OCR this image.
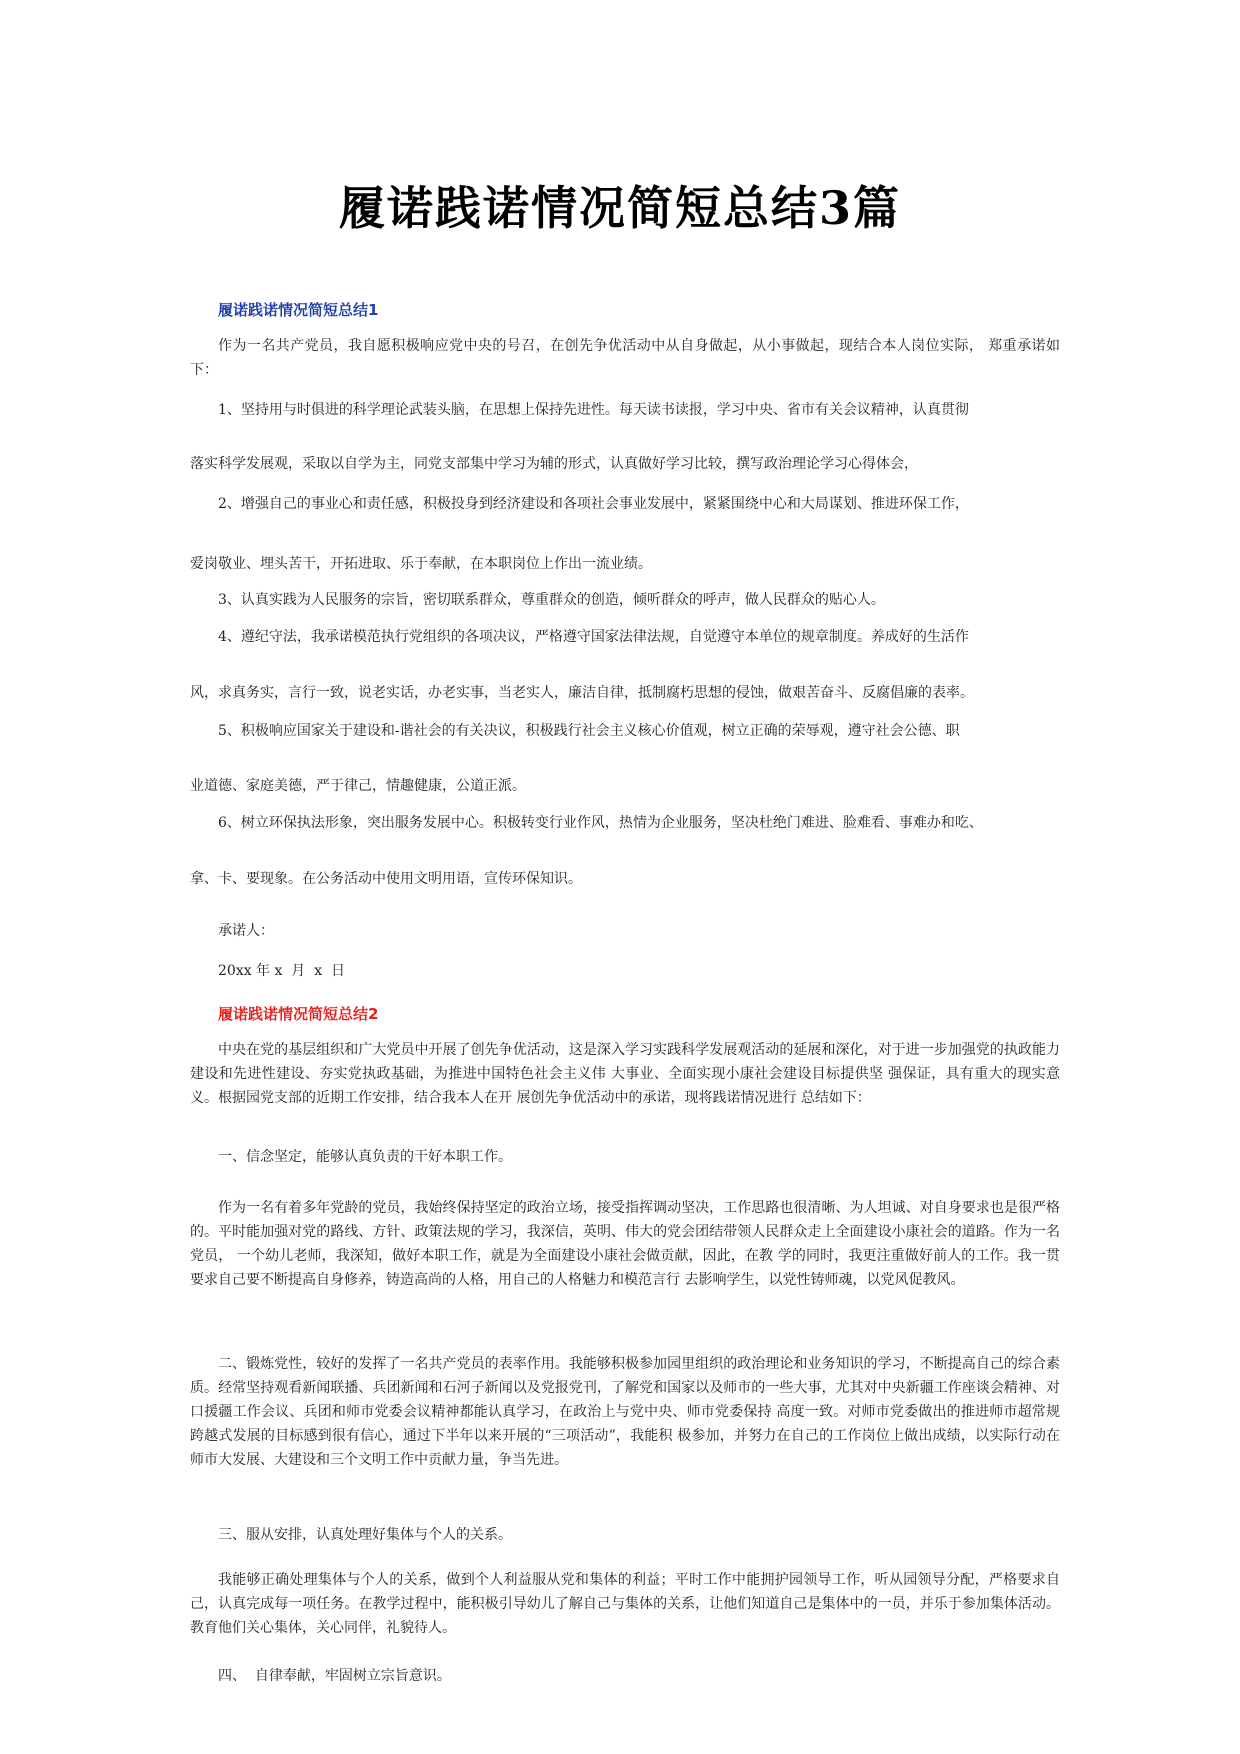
履诺践诺情况简短总结3篇
履诺践诺情况简短总结1

作为一名共产党员，我自愿积极响应党中央的号召，在创先争优活动中从自身做起，从小事做起，现结合本人岗位实际， 郑重承诺如下：

1、坚持用与时俱进的科学理论武装头脑，在思想上保持先进性。每天读书读报，学习中央、省市有关会议精神，认真贯彻
落实科学发展观，采取以自学为主，同党支部集中学习为辅的形式，认真做好学习比较，撰写政治理论学习心得体会，
2、增强自己的事业心和责任感，积极投身到经济建设和各项社会事业发展中，紧紧围绕中心和大局谋划、推进环保工作，
爱岗敬业、埋头苦干，开拓进取、乐于奉献，在本职岗位上作出一流业绩。
3、认真实践为人民服务的宗旨，密切联系群众，尊重群众的创造，倾听群众的呼声，做人民群众的贴心人。
4、遵纪守法，我承诺模范执行党组织的各项决议，严格遵守国家法律法规，自觉遵守本单位的规章制度。养成好的生活作
风，求真务实，言行一致，说老实话，办老实事，当老实人，廉洁自律，抵制腐朽思想的侵蚀，做艰苦奋斗、反腐倡廉的表率。
5、积极响应国家关于建设和-谐社会的有关决议，积极践行社会主义核心价值观，树立正确的荣辱观，遵守社会公德、职
业道德、家庭美德，严于律己，情趣健康，公道正派。
6、树立环保执法形象，突出服务发展中心。积极转变行业作风，热情为企业服务，坚决杜绝门难进、脸难看、事难办和吃、
拿、卡、要现象。在公务活动中使用文明用语，宣传环保知识。
承诺人：
20xx 年 x  月  x  日
履诺践诺情况简短总结2

中央在党的基层组织和广大党员中开展了创先争优活动，这是深入学习实践科学发展观活动的延展和深化，对于进一步加强党的执政能力建设和先进性建设、夯实党执政基础，为推进中国特色社会主义伟 大事业、全面实现小康社会建设目标提供坚 强保证，具有重大的现实意义。根据园党支部的近期工作安排，结合我本人在开 展创先争优活动中的承诺，现将践诺情况进行 总结如下：

一、信念坚定，能够认真负责的干好本职工作。

作为一名有着多年党龄的党员，我始终保持坚定的政治立场，接受指挥调动坚决，工作思路也很清晰、为人坦诚、对自身要求也是很严格的。平时能加强对党的路线、方针、政策法规的学习，我深信，英明、伟大的党会团结带领人民群众走上全面建设小康社会的道路。作为一名党员， 一个幼儿老师，我深知，做好本职工作，就是为全面建设小康社会做贡献，因此，在教 学的同时，我更注重做好前人的工作。我一贯要求自己要不断提高自身修养，铸造高尚的人格，用自己的人格魅力和模范言行 去影响学生，以党性铸师魂，以党风促教风。

二、锻炼党性，较好的发挥了一名共产党员的表率作用。我能够积极参加园里组织的政治理论和业务知识的学习，不断提高自己的综合素质。经常坚持观看新闻联播、兵团新闻和石河子新闻以及党报党刊，了解党和国家以及师市的一些大事，尤其对中央新疆工作座谈会精神、对口援疆工作会议、兵团和师市党委会议精神都能认真学习，在政治上与党中央、师市党委保持 高度一致。对师市党委做出的推进师市超常规跨越式发展的目标感到很有信心，通过下半年以来开展的“三项活动”，我能积 极参加，并努力在自己的工作岗位上做出成绩，以实际行动在师市大发展、大建设和三个文明工作中贡献力量，争当先进。

三、服从安排，认真处理好集体与个人的关系。

我能够正确处理集体与个人的关系，做到个人利益服从党和集体的利益；平时工作中能拥护园领导工作，听从园领导分配，严格要求自己，认真完成每一项任务。在教学过程中，能积极引导幼儿了解自己与集体的关系，让他们知道自己是集体中的一员，并乐于参加集体活动。教育他们关心集体，关心同伴，礼貌待人。

四、  自律奉献，牢固树立宗旨意识。
